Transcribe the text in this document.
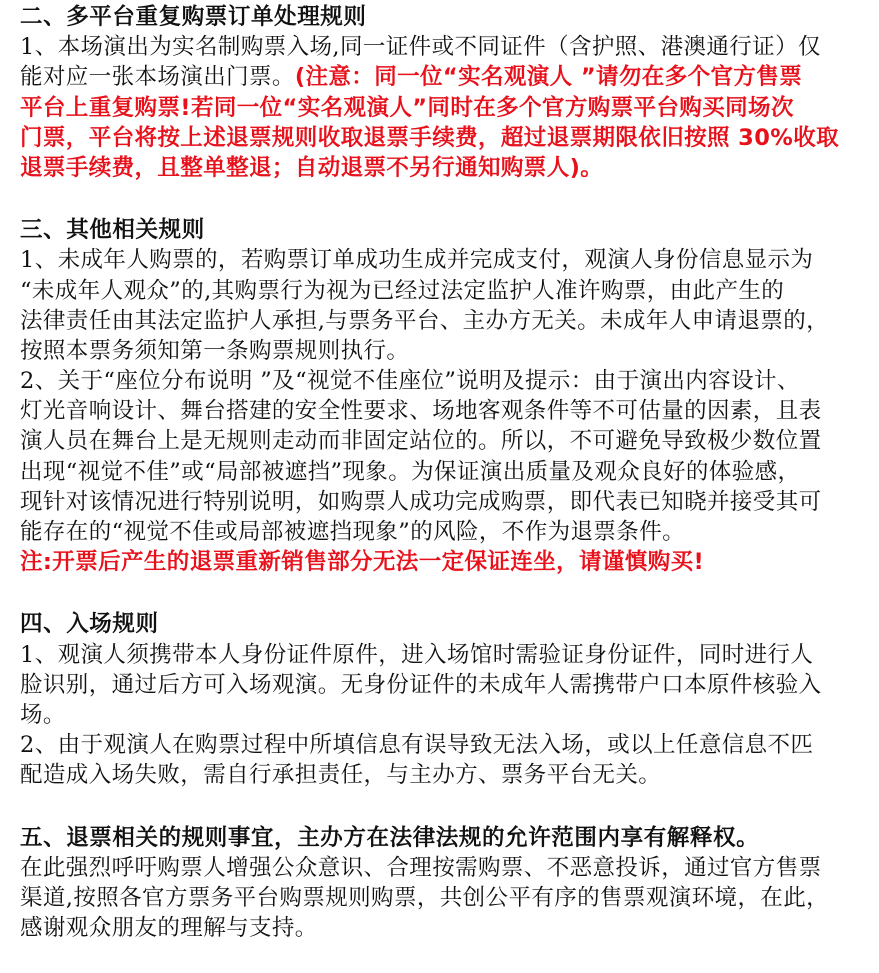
二、多平台重复购票订单处理规则
1、本场演出为实名制购票入场,同一证件或不同证件（含护照、港澳通行证）仅
能对应一张本场演出门票。(注意：同一位“实名观演人 ”请勿在多个官方售票
平台上重复购票!若同一位“实名观演人”同时在多个官方购票平台购买同场次
门票，平台将按上述退票规则收取退票手续费，超过退票期限依旧按照 30%收取
退票手续费，且整单整退；自动退票不另行通知购票人)。
三、其他相关规则
1、未成年人购票的，若购票订单成功生成并完成支付，观演人身份信息显示为
“未成年人观众”的,其购票行为视为已经过法定监护人准许购票，由此产生的
法律责任由其法定监护人承担,与票务平台、主办方无关。未成年人申请退票的，
按照本票务须知第一条购票规则执行。
2、关于“座位分布说明 ”及“视觉不佳座位”说明及提示：由于演出内容设计、
灯光音响设计、舞台搭建的安全性要求、场地客观条件等不可估量的因素，且表
演人员在舞台上是无规则走动而非固定站位的。所以，不可避免导致极少数位置
出现“视觉不佳”或“局部被遮挡”现象。为保证演出质量及观众良好的体验感，
现针对该情况进行特别说明，如购票人成功完成购票，即代表已知晓并接受其可
能存在的“视觉不佳或局部被遮挡现象”的风险，不作为退票条件。
注:开票后产生的退票重新销售部分无法一定保证连坐，请谨慎购买!
四、入场规则
1、观演人须携带本人身份证件原件，进入场馆时需验证身份证件，同时进行人
脸识别，通过后方可入场观演。无身份证件的未成年人需携带户口本原件核验入
场。
2、由于观演人在购票过程中所填信息有误导致无法入场，或以上任意信息不匹
配造成入场失败，需自行承担责任，与主办方、票务平台无关。
五、退票相关的规则事宜，主办方在法律法规的允许范围内享有解释权。
在此强烈呼吁购票人增强公众意识、合理按需购票、不恶意投诉，通过官方售票
渠道,按照各官方票务平台购票规则购票，共创公平有序的售票观演环境，在此，
感谢观众朋友的理解与支持。
